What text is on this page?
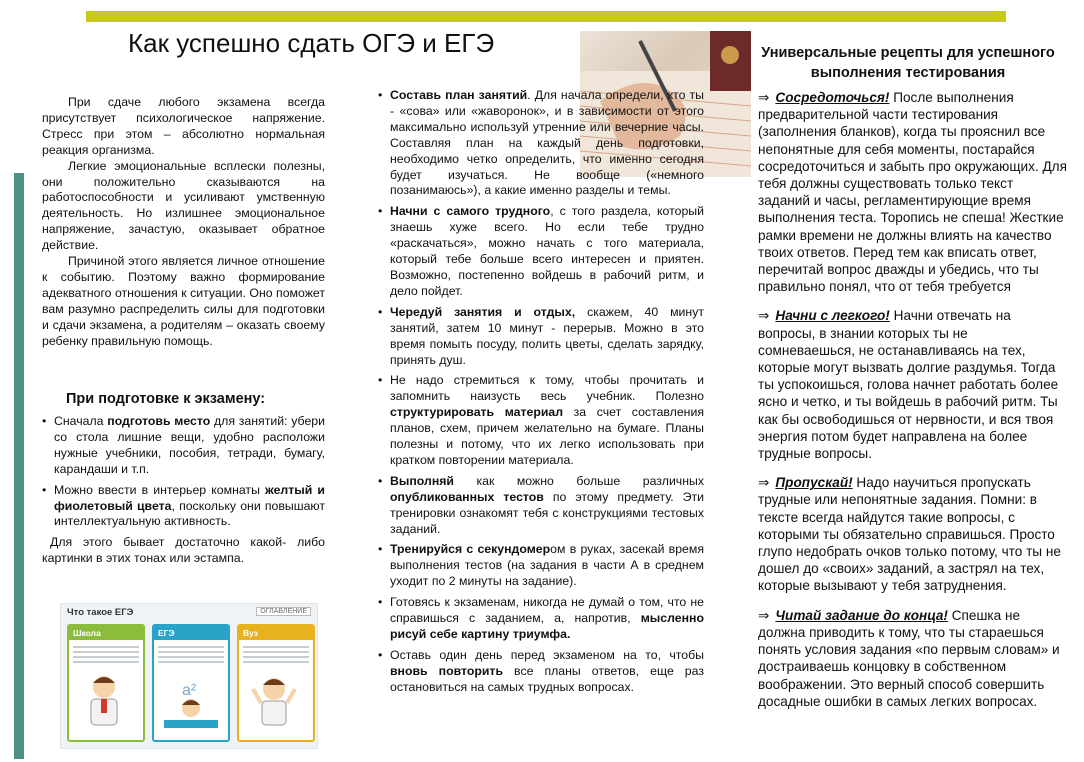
Как успешно сдать ОГЭ и ЕГЭ

При сдаче любого экзамена всегда присутствует психологическое напряжение. Стресс при этом – абсолютно нормальная реакция организма.

Легкие эмоциональные всплески полезны, они положительно сказываются на работоспособности и усиливают умственную деятельность. Но излишнее эмоциональное напряжение, зачастую, оказывает обратное действие.

Причиной этого является личное отношение к событию. Поэтому важно формирование адекватного отношения к ситуации. Оно поможет вам разумно распределить силы для подготовки и сдачи экзамена, а родителям – оказать своему ребенку правильную помощь.

При подготовке к экзамену:
• Сначала подготовь место для занятий: убери со стола лишние вещи, удобно расположи нужные учебники, пособия, тетради, бумагу, карандаши и т.п.
• Можно ввести в интерьер комнаты желтый и фиолетовый цвета, поскольку они повышают интеллектуальную активность.

Для этого бывает достаточно какой- либо картинки в этих тонах или эстампа.

Что такое ЕГЭ	ОГЛАВЛЕНИЕ
Школа	ЕГЭ
a²
Вуз
• Составь план занятий. Для начала определи, кто ты - «сова» или «жаворонок», и в зависимости от этого максимально используй утренние или вечерние часы. Составляя план на каждый день подготовки, необходимо четко определить, что именно сегодня будет изучаться. Не вообще («немного позанимаюсь»), а какие именно разделы и темы.
• Начни с самого трудного, с того раздела, который знаешь хуже всего. Но если тебе трудно «раскачаться», можно начать с того материала, который тебе больше всего интересен и приятен. Возможно, постепенно войдешь в рабочий ритм, и дело пойдет.
• Чередуй занятия и отдых, скажем, 40 минут занятий, затем 10 минут - перерыв. Можно в это время помыть посуду, полить цветы, сделать зарядку, принять душ.
• Не надо стремиться к тому, чтобы прочитать и запомнить наизусть весь учебник. Полезно структурировать материал за счет составления планов, схем, причем желательно на бумаге. Планы полезны и потому, что их легко использовать при кратком повторении материала.
• Выполняй как можно больше различных опубликованных тестов по этому предмету. Эти тренировки ознакомят тебя с конструкциями тестовых заданий.
• Тренируйся с секундомером в руках, засекай время выполнения тестов (на задания в части А в среднем уходит по 2 минуты на задание).
• Готовясь к экзаменам, никогда не думай о том, что не справишься с заданием, а, напротив, мысленно рисуй себе картину триумфа.
• Оставь один день перед экзаменом на то, чтобы вновь повторить все планы ответов, еще раз остановиться на самых трудных вопросах.
Универсальные рецепты для успешного выполнения тестирования

⇒ Сосредоточься! После выполнения предварительной части тестирования (заполнения бланков), когда ты прояснил все непонятные для себя моменты, постарайся сосредоточиться и забыть про окружающих. Для тебя должны существовать только текст заданий и часы, регламентирующие время выполнения теста. Торопись не спеша! Жесткие рамки времени не должны влиять на качество твоих ответов. Перед тем как вписать ответ, перечитай вопрос дважды и убедись, что ты правильно понял, что от тебя требуется

⇒ Начни с легкого! Начни отвечать на вопросы, в знании которых ты не сомневаешься, не останавливаясь на тех, которые могут вызвать долгие раздумья. Тогда ты успокоишься, голова начнет работать более ясно и четко, и ты войдешь в рабочий ритм. Ты как бы освободишься от нервности, и вся твоя энергия потом будет направлена на более трудные вопросы.

⇒ Пропускай! Надо научиться пропускать трудные или непонятные задания. Помни: в тексте всегда найдутся такие вопросы, с которыми ты обязательно справишься. Просто глупо недобрать очков только потому, что ты не дошел до «своих» заданий, а застрял на тех, которые вызывают у тебя затруднения.

⇒ Читай задание до конца! Спешка не должна приводить к тому, что ты стараешься понять условия задания «по первым словам» и достраиваешь концовку в собственном воображении. Это верный способ совершить досадные ошибки в самых легких вопросах.
